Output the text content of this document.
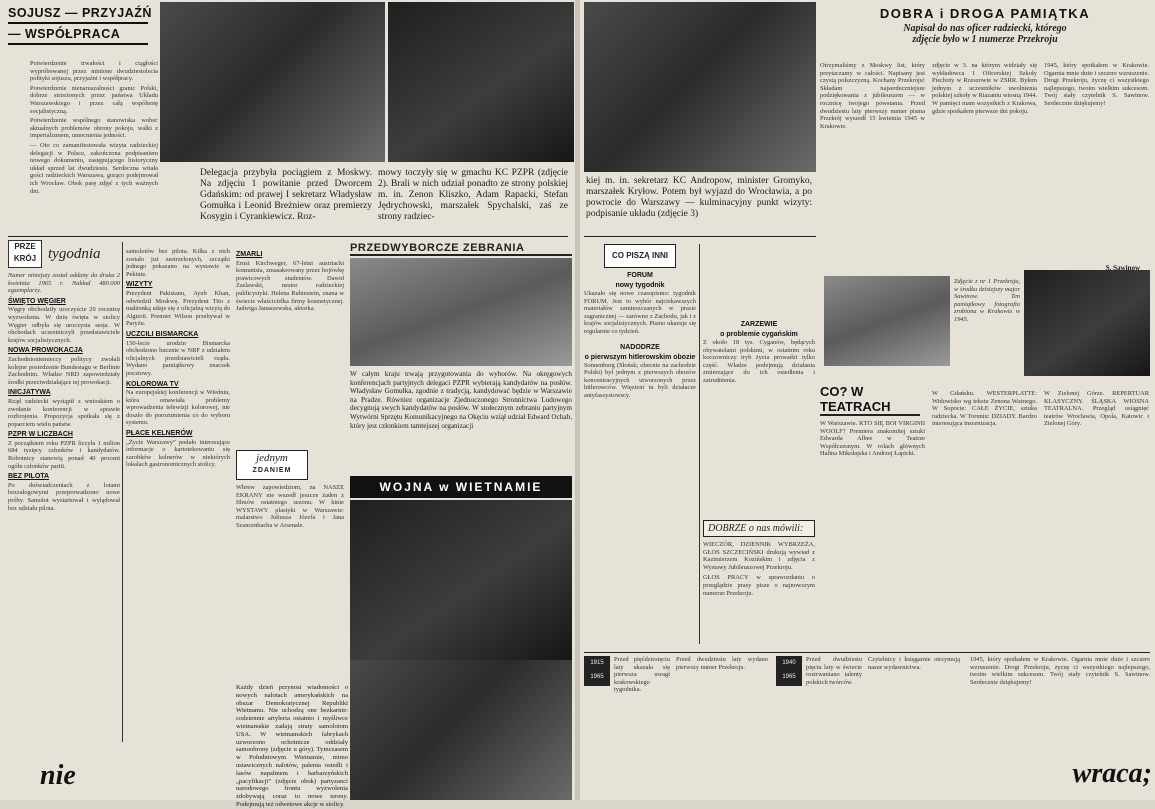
SOJUSZ — PRZYJAŹŃ
— WSPÓŁPRACA

Potwierdzenie trwałości i ciągłości wypróbowanej przez minione dwudziestolecia polityki sojuszu, przyjaźni i współpracy.

Potwierdzenie nienaruszalności granic Polski, dobrze strzeżonych przez państwa Układu Warszawskiego i przez całą wspólnotę socjalistyczną.

Potwierdzenie wspólnego stanowiska wobec aktualnych problemów obrony pokoju, walki z imperializmem, umocnienia jedności.

— Oto co zamanifestowała wizyta radzieckiej delegacji w Polsce, zakończona podpisaniem nowego dokumentu, zastępującego historyczny układ sprzed lat dwudziestu. Serdeczna witała gości radzieckich Warszawa, gorąco podejmował ich Wrocław. Obok parę zdjęć z tych ważnych dni.

Delegacja przybyła pociągiem z Moskwy. Na zdjęciu 1 powitanie przed Dworcem Gdańskim: od prawej I sekretarz Władysław Gomułka i Leonid Breżniew oraz premierzy Kosygin i Cyrankiewicz. Roz-
mowy toczyły się w gmachu KC PZPR (zdjęcie 2). Brali w nich udział ponadto ze strony polskiej m. in. Zenon Kliszko, Adam Rapacki, Stefan Jędrychowski, marszałek Spychalski, zaś ze strony radziec-
PRZE
KRÓJ tygodnia

Numer niniejszy został oddany do druku 2 kwietnia 1965 r. Nakład 480.000 egzemplarzy.

ŚWIĘTO WĘGIER

Węgry obchodziły uroczyście 20 rocznicę wyzwolenia. W dniu święta w stolicy Węgier odbyła się uroczysta sesja. W obchodach uczestniczyli przedstawiciele krajów socjalistycznych.

NOWA PROWOKACJA

Zachodnioniemieccy politycy zwołali kolejne posiedzenie Bundestagu w Berlinie Zachodnim. Władze NRD zapowiedziały środki przeciwdziałające tej prowokacji.

INICJATYWA

Rząd radziecki wystąpił z wnioskiem o zwołanie konferencji w sprawie rozbrojenia. Propozycja spotkała się z poparciem wielu państw.

PZPR W LICZBACH

Z początkiem roku PZPR liczyła 1 milion 684 tysięcy członków i kandydatów. Robotnicy stanowią ponad 40 procent ogółu członków partii.

BEZ PILOTA

Po doświadczeniach z lotami bezzałogowymi przeprowadzono nowe próby. Samolot wystartował i wylądował bez udziału pilota.

samolotów bez pilota. Kilka z nich zostało już zestrzelonych, szczątki jednego pokazano na wystawie w Pekinie.

WIZYTY

Prezydent Pakistanu, Ayub Khan, odwiedził Moskwę. Prezydent Tito z małżonką udaje się z oficjalną wizytą do Algierii. Premier Wilson przebywał w Paryżu.

UCZCILI BISMARCKA

150-lecie urodzin Bismarcka obchodzono hucznie w NRF z udziałem oficjalnych przedstawicieli rządu. Wydano pamiątkowy znaczek pocztowy.

KOLOROWA TV

Na europejskiej konferencji w Wiedniu, która omawiała problemy wprowadzenia telewizji kolorowej, nie doszło do porozumienia co do wyboru systemu.

PŁACE KELNERÓW

„Życie Warszawy” podało interesujące informacje o kartotekowaniu się zarobków kelnerów w niektórych lokalach gastronomicznych stolicy.

ZMARLI

Ernst Kirchweger, 67-letni austriacki komunista, zmasakrowany przez bojówkę prawicowych studentów. Dawid Zaslawski, nestor radzieckiej publicystyki. Helena Rubinstein, znana w świecie właścicielka firmy kosmetycznej. Jadwiga Janaszewska, aktorka.

jednym
ZDANIEM
Wbrew zapowiedziom, na NASZE EKRANY nie wszedł jeszcze żaden z filmów ostatniego sezonu. W kinie WYSTAWY plastyki w Warszawie: malarstwo Juliusza Józefa i Jana Szancenbacha w Arsenale.
PRZEDWYBORCZE ZEBRANIA
W całym kraju trwają przygotowania do wyborów. Na okręgowych konferencjach partyjnych delegaci PZPR wybierają kandydatów na posłów. Władysław Gomułka, zgodnie z tradycją, kandydować będzie w Warszawie na Pradze. Równiez organizacje Zjednoczonego Stronnictwa Ludowego decygnują swych kandydatów na posłów. W stołecznym zebraniu partyjnym Wytwórni Sprzętu Komunikacyjnego na Okęciu wziął udział Edward Ochab, który jest członkiem tamtejszej organizacji
WOJNA w WIETNAMIE
Każdy dzień przynosi wiadomości o nowych nalotach amerykańskich na obszar Demokratycznej Republiki Wietnamu. Nie uchodzą one bezkarnie: codziennie artyleria ostatnio i myśliwce wietnamskie zadają straty samolotom USA. W wietnamskich fabrykach uzworzono ochotnicze oddziały samoobrony (zdjęcie u góry). Tymczasem w Południowym Wietnamie, mimo ustawicznych nalotów, palenia osiedli i lasów napalmem i barbarzyńskich „pacyfikacji” (zdjęcie obok) partyzanci narodowego frontu wyzwolenia zdobywają coraz to nowe tereny. Podejmują też odwetowe akcje w stolicy.
nie
kiej m. in. sekretarz KC Andropow, minister Gromyko, marszałek Kryłow. Potem był wyjazd do Wrocławia, a po powrocie do Warszawy — kulminacyjny punkt wizyty: podpisanie układu (zdjęcie 3)
DOBRA i DROGA PAMIĄTKA
Napisał do nas oficer radziecki, którego
zdjęcie było w 1 numerze Przekroju
Otrzymaliśmy z Moskwy list, który przytaczamy w całości. Napisany jest czystą polszczyzną. Kochany Przekroju! Składam najserdeczniejsze podziękowania z jubileuszem — w rocznicę twojego powstania. Przed dwudziestu laty pierwszy numer pisma Przekrój wyszedł 15 kwietnia 1945 w Krakowie.
zdjęcie w 3. na którym widziały się wykładowca I Oficerskiej Szkoły Piechoty w Rzeszowie w ZSRR. Byłem jednym z uczestników uwolnienia polskiej szkoły w Riazaniu wiosną 1944. W pamięci mam wszystkich z Krakowa, gdzie spotkałem pierwsze dni pokoju.
1945, który spotkałem w Krakowie. Ogarnia mnie duże i szczere wzruszenie. Drogi Przekroju, życzę ci wszystkiego najlepszego, twoim wielkim sukcesom. Twój stały czytelnik S. Sawinow. Serdecznie dziękujemy!
Zdjęcie z nr 1 Przekroju, w środku dzisiejszy major Sawinow. Ten pamiątkowy fotografia zrobiona w Krakowie w 1945.
S. Sawinow
CO PISZĄ INNI
FORUM
nowy tygodnik
Ukazało się nowe czasopismo: tygodnik FORUM. Jest to wybór najciekawszych materiałów zamieszczanych w prasie zagranicznej — zarówno z Zachodu, jak i z krajów socjalistycznych. Pismo ukazuje się regularnie co tydzień.
NADODRZE
o pierwszym hitlerowskim obozie
Sonnenburg (Słońsk; obecnie na zachodzie Polski) był jednym z pierwszych obozów koncentracyjnych utworzonych przez hitlerowców. Więzieni tu byli działacze antyfaszystowscy.

ZARZEWIE
o problemie cygańskim
Z około 18 tys. Cyganów, będących obywatelami polskimi, w ostatnim roku koczowniczy tryb życia prowadzi tylko część. Władze podejmują działania zmierzające do ich osiedlenia i zatrudnienia.
DOBRZE o nas mówili:
WIECZÓR, DZIENNIK WYBRZEŻA, GŁOS SZCZECIŃSKI drukują wywiad z Kazimierzem Kozińskim i zdjęcia z Wystawy Jubileuszowej Przekroju.
GŁOS PRACY w sprawozdaniu o przeglądzie prasy pisze o najnowszym numerze Przekroju.
CO? W TEATRACH
W Warszawie. KTO SIĘ BOI VIRGINII WOOLF? Premiera znakomitej sztuki Edwarda Albee w Teatrze Współczesnym. W rolach głównych Halina Mikołajska i Andrzej Łapicki.
W Gdańsku. WESTERPLATTE: Widowisko wg tekstu Zenona Ważnego. W Sopocie: CAŁE ŻYCIE, sztuka radziecka. W Toruniu: DZIADY. Bardzo interesująca inscenizacja.
W Zielonej Górze. REPERTUAR KLASYCZNY. ŚLĄSKA WIOSNA TEATRALNA. Przegląd osiągnięć teatrów Wrocławia, Opola, Katowic i Zielonej Góry.
1915
1965
Przed pięćdziesięciu laty ukazała się pierwsza uwagi krakowskiego tygodnika.
Przed dwudziestu laty wydano pierwszy numer Przekroju.
1940
1965
Przed dwudziestu pięciu laty w świecie roztrwaniano talenty polskich twórców.
Czytelnicy i księgarnie otrzymują nasze wydawnictwa.

1945, który spotkałem w Krakowie. Ogarnia mnie duże i szczere wzruszenie. Drogi Przekroju, życzę ci wszystkiego najlepszego, twoim wielkim sukcesom. Twój stały czytelnik S. Sawinow. Serdecznie dziękujemy!

wraca;
